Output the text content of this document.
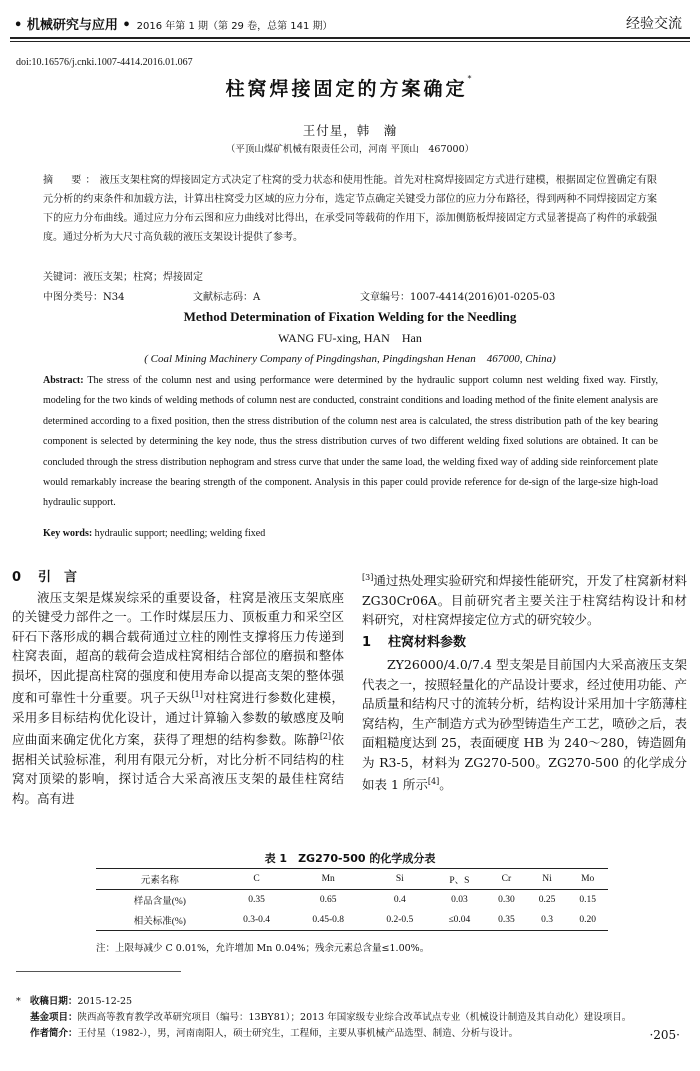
• 机械研究与应用 • 2016 年第 1 期（第 29 卷，总第 141 期）	经验交流
doi:10.16576/j.cnki.1007-4414.2016.01.067
柱窝焊接固定的方案确定*
王付星，韩　瀚
（平顶山煤矿机械有限责任公司，河南 平顶山　467000）
摘　要：液压支架柱窝的焊接固定方式决定了柱窝的受力状态和使用性能。首先对柱窝焊接固定方式进行建模，根据固定位置确定有限元分析的约束条件和加载方法，计算出柱窝受力区域的应力分布，选定节点确定关键受力部位的应力分布路径，得到两种不同焊接固定方案下的应力分布曲线。通过应力分布云图和应力曲线对比得出，在承受同等载荷的作用下，添加侧筋板焊接固定方式显著提高了构件的承载强度。通过分析为大尺寸高负载的液压支架设计提供了参考。
关键词：液压支架；柱窝；焊接固定
中图分类号：N34	文献标志码：A	文章编号：1007-4414(2016)01-0205-03
Method Determination of Fixation Welding for the Needling
WANG FU-xing, HAN　Han
( Coal Mining Machinery Company of Pingdingshan, Pingdingshan Henan　467000, China)
Abstract: The stress of the column nest and using performance were determined by the hydraulic support column nest welding fixed way. Firstly, modeling for the two kinds of welding methods of column nest are conducted, constraint conditions and loading method of the finite element analysis are determined according to a fixed position, then the stress distribution of the column nest area is calculated, the stress distribution path of the key bearing component is selected by determining the key node, thus the stress distribution curves of two different welding fixed solutions are obtained. It can be concluded through the stress distribution nephogram and stress curve that under the same load, the welding fixed way of adding side reinforcement plate would remarkably increase the bearing strength of the component. Analysis in this paper could provide reference for de-sign of the large-size high-load hydraulic support.
Key words: hydraulic support; needling; welding fixed

0 引　言

液压支架是煤炭综采的重要设备，柱窝是液压支架底座的关键受力部件之一。工作时煤层压力、顶板重力和采空区矸石下落形成的耦合载荷通过立柱的刚性支撑将压力传递到柱窝表面，超高的载荷会造成柱窝相结合部位的磨损和整体损坏，因此提高柱窝的强度和使用寿命以提高支架的整体强度和可靠性十分重要。巩子天纵[1]对柱窝进行参数化建模，采用多目标结构优化设计，通过计算输入参数的敏感度及响应曲面来确定优化方案，获得了理想的结构参数。陈静[2]依据相关试验标准，利用有限元分析，对比分析不同结构的柱窝对顶梁的影响，探讨适合大采高液压支架的最佳柱窝结构。高有进

[3]通过热处理实验研究和焊接性能研究，开发了柱窝新材料ZG30Cr06A。目前研究者主要关注于柱窝结构设计和材料研究，对柱窝焊接定位方式的研究较少。

1 柱窝材料参数

ZY26000/4.0/7.4 型支架是目前国内大采高液压支架代表之一，按照轻量化的产品设计要求，经过使用功能、产品质量和结构尺寸的流转分析，结构设计采用加十字筋薄柱窝结构，生产制造方式为砂型铸造生产工艺，喷砂之后，表面粗糙度达到 25，表面硬度 HB 为 240～280，铸造圆角为 R3-5，材料为 ZG270-500。ZG270-500 的化学成分如表 1 所示[4]。

表 1　ZG270-500 的化学成分表
元素名称	C	Mn	Si	P、S	Cr	Ni	Mo
样品含量(%)	0.35	0.65	0.4	0.03	0.30	0.25	0.15
相关标准(%)	0.3-0.4	0.45-0.8	0.2-0.5	≤0.04	0.35	0.3	0.20
注：上限每减少 C 0.01%，允许增加 Mn 0.04%；残余元素总含量≤1.00%。
* 收稿日期：2015-12-25
基金项目：陕西高等教育教学改革研究项目（编号：13BY81）；2013 年国家级专业综合改革试点专业（机械设计制造及其自动化）建设项目。
作者简介：王付星（1982-），男，河南南阳人，硕士研究生，工程师，主要从事机械产品选型、制造、分析与设计。	·205·
